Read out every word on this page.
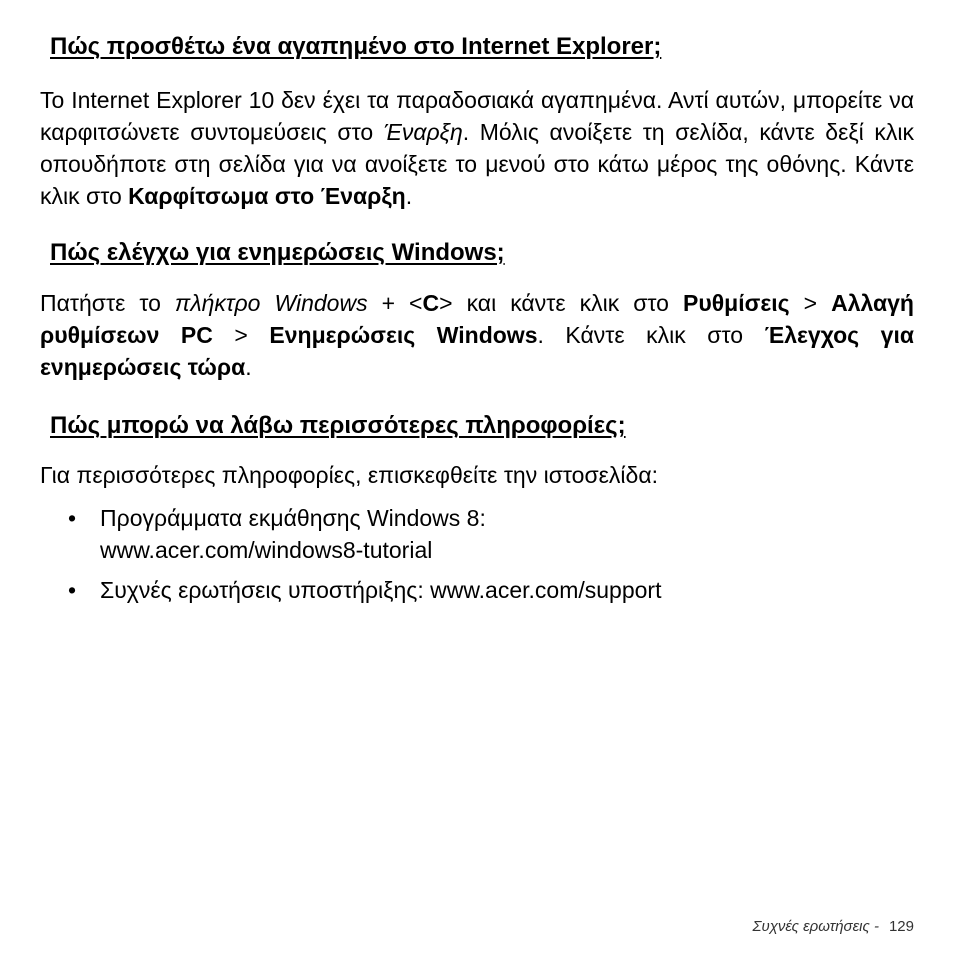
Πώς προσθέτω ένα αγαπημένο στο Internet Explorer;

Το Internet Explorer 10 δεν έχει τα παραδοσιακά αγαπημένα. Αντί αυτών, μπορείτε να καρφιτσώνετε συντομεύσεις στο Έναρξη. Μόλις ανοίξετε τη σελίδα, κάντε δεξί κλικ οπουδήποτε στη σελίδα για να ανοίξετε το μενού στο κάτω μέρος της οθόνης. Κάντε κλικ στο Καρφίτσωμα στο Έναρξη.

Πώς ελέγχω για ενημερώσεις Windows;

Πατήστε το πλήκτρο Windows + <C> και κάντε κλικ στο Ρυθμίσεις > Αλλαγή ρυθμίσεων PC > Ενημερώσεις Windows. Κάντε κλικ στο Έλεγχος για ενημερώσεις τώρα.

Πώς μπορώ να λάβω περισσότερες πληροφορίες;

Για περισσότερες πληροφορίες, επισκεφθείτε την ιστοσελίδα:

• Προγράμματα εκμάθησης Windows 8:
www.acer.com/windows8-tutorial
• Συχνές ερωτήσεις υποστήριξης: www.acer.com/support
Συχνές ερωτήσεις - 129
